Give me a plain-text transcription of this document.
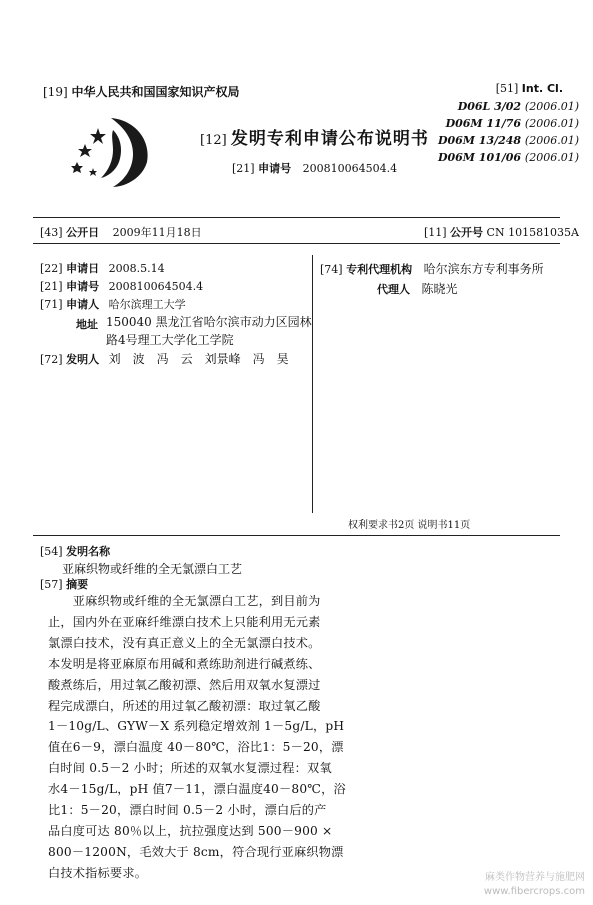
[19] 中华人民共和国国家知识产权局
[12] 发明专利申请公布说明书
[21] 申请号 200810064504.4
[51] Int. Cl.
D06L 3/02 (2006.01)
D06M 11/76 (2006.01)
D06M 13/248 (2006.01)
D06M 101/06 (2006.01)
[43] 公开日 2009年11月18日	[11] 公开号 CN 101581035A
[22] 申请日 2008.5.14
[21] 申请号 200810064504.4
[71] 申请人 哈尔滨理工大学
地址 150040 黑龙江省哈尔滨市动力区园林
路4号理工大学化工学院
[72] 发明人 刘　波　冯　云　刘景峰　冯　昊
[74] 专利代理机构 哈尔滨东方专利事务所
代理人 陈晓光
权利要求书2页 说明书11页
[54] 发明名称
亚麻织物或纤维的全无氯漂白工艺
[57] 摘要
　　亚麻织物或纤维的全无氯漂白工艺，到目前为
止，国内外在亚麻纤维漂白技术上只能利用无元素
氯漂白技术，没有真正意义上的全无氯漂白技术。
本发明是将亚麻原布用碱和煮练助剂进行碱煮练、
酸煮练后，用过氧乙酸初漂、然后用双氧水复漂过
程完成漂白，所述的用过氧乙酸初漂：取过氧乙酸
1－10g/L、GYW－X 系列稳定增效剂 1－5g/L，pH
值在6－9，漂白温度 40－80℃，浴比1：5－20，漂
白时间 0.5－2 小时；所述的双氧水复漂过程：双氧
水4－15g/L，pH 值7－11，漂白温度40－80℃，浴
比1：5－20，漂白时间 0.5－2 小时，漂白后的产
品白度可达 80％以上，抗拉强度达到 500－900 ×
800－1200N，毛效大于 8cm，符合现行亚麻织物漂
白技术指标要求。	麻类作物营养与施肥网
www.fibercrops.com
